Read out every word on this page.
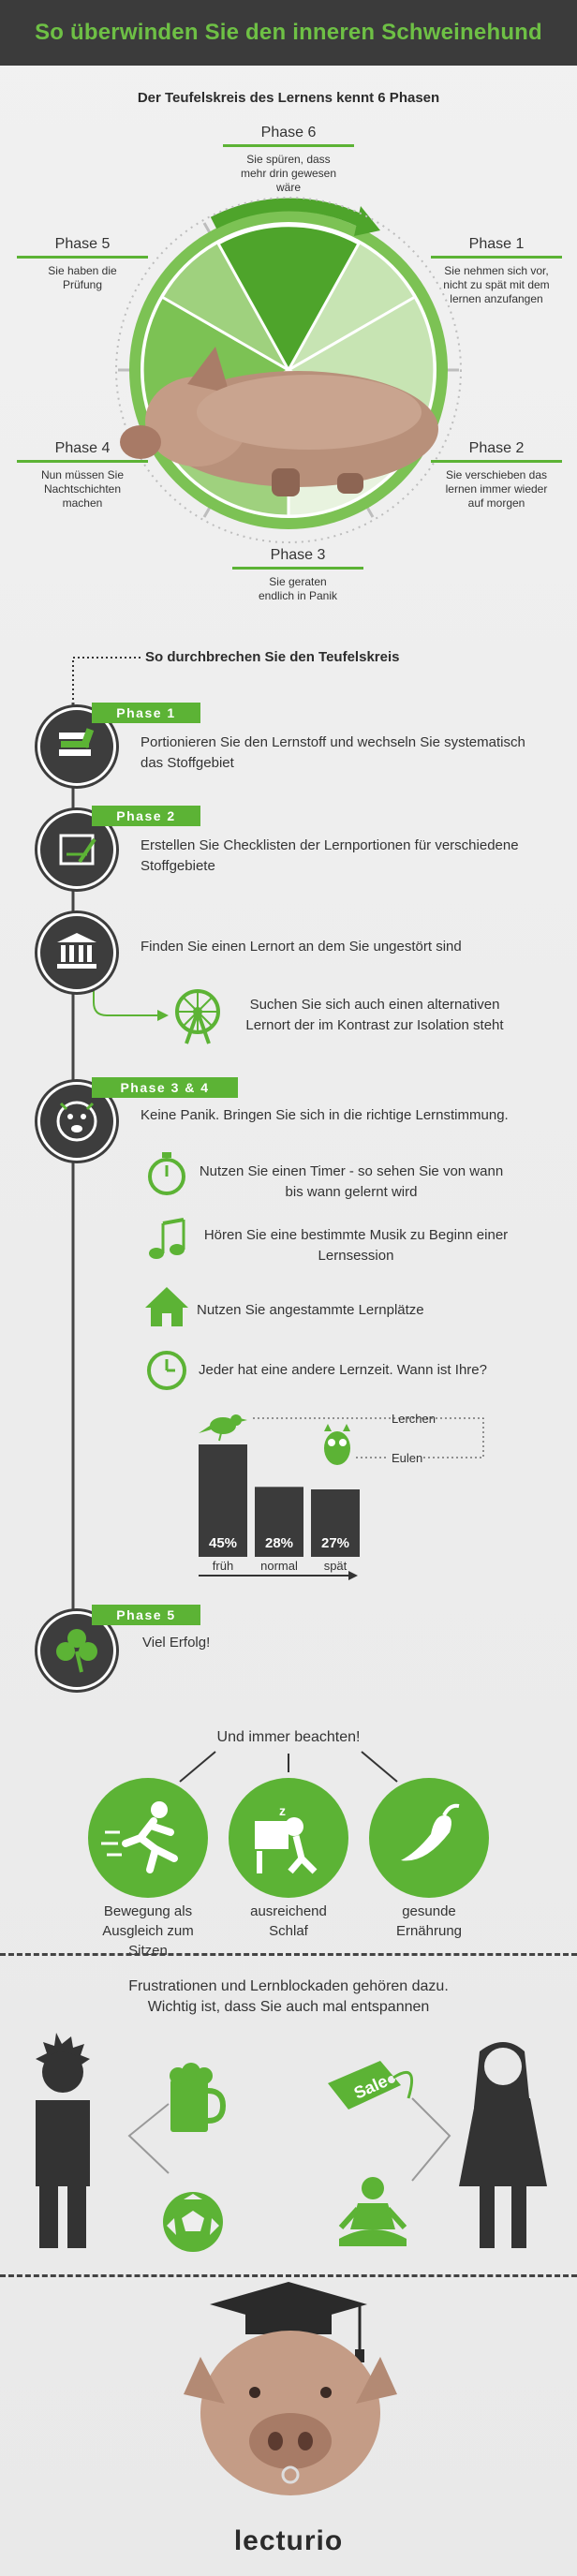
So überwinden Sie den inneren Schweinehund
Der Teufelskreis des Lernens kennt 6 Phasen
Phase 6
Sie spüren, dass mehr drin gewesen wäre
Phase 1
Sie nehmen sich vor, nicht zu spät mit dem lernen anzufangen
Phase 2
Sie verschieben das lernen immer wieder auf morgen
Phase 3
Sie geraten endlich in Panik
Phase 4
Nun müssen Sie Nachtschichten machen
Phase 5
Sie haben die Prüfung
So durchbrechen Sie den Teufelskreis
Phase 1
Portionieren Sie den Lernstoff und wechseln Sie systematisch das Stoffgebiet
Phase 2
Erstellen Sie Checklisten der Lernportionen für verschiedene Stoffgebiete
Finden Sie einen Lernort an dem Sie ungestört sind
Suchen Sie sich auch einen alternativen Lernort der im Kontrast zur Isolation steht
Phase 3 & 4
Keine Panik. Bringen Sie sich in die richtige Lernstimmung.
Nutzen Sie einen Timer - so sehen Sie von wann bis wann gelernt wird
Hören Sie eine bestimmte Musik zu Beginn einer Lernsession
Nutzen Sie angestammte Lernplätze
Jeder hat eine andere Lernzeit. Wann ist Ihre?
45%
früh
28%
normal
27%
spät
Lerchen
Eulen
Phase 5
Viel Erfolg!
Und immer beachten!
z
Bewegung als Ausgleich zum Sitzen
ausreichend Schlaf
gesunde Ernährung
Frustrationen und Lernblockaden gehören dazu.
Wichtig ist, dass Sie auch mal entspannen
Sale
lecturio
